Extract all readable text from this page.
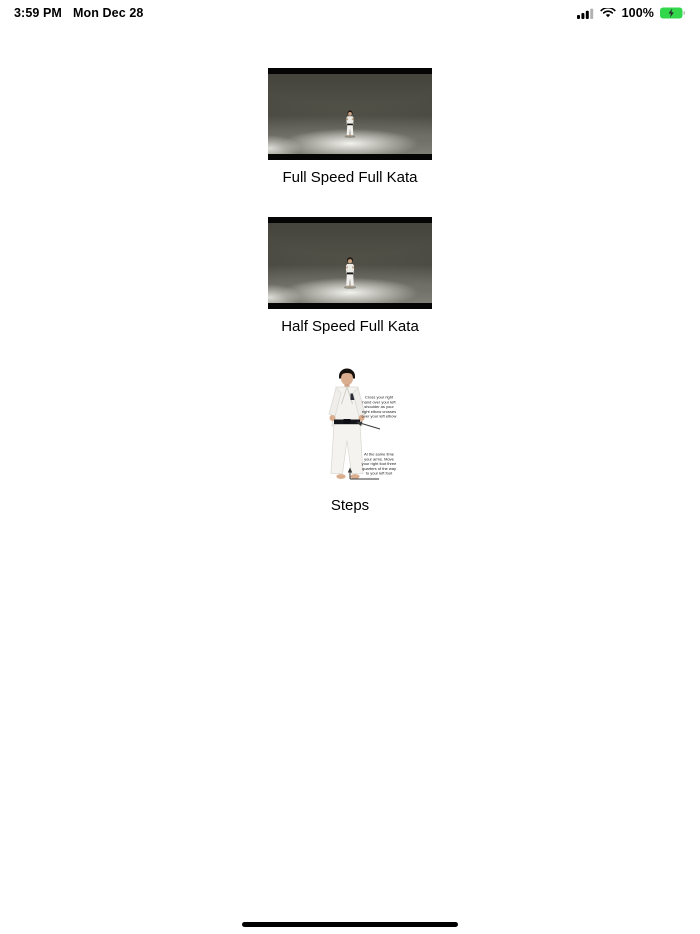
3:59 PM Mon Dec 28	100%
Full Speed Full Kata
Half Speed Full Kata
Cross your right hand over your left shoulder as your right elbow crosses over your left elbow
At the same time your arms. Move your right foot three quarters of the way to your left foot
Steps
